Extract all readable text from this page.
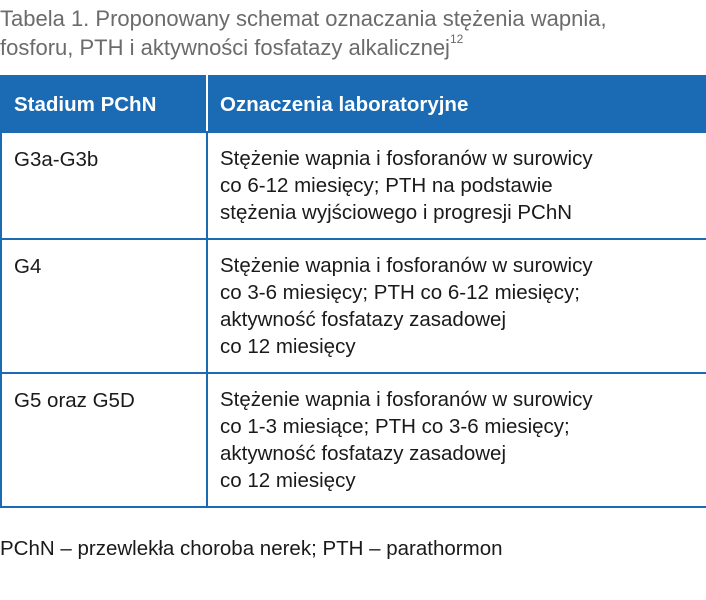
Tabela 1. Proponowany schemat oznaczania stężenia wapnia,
fosforu, PTH i aktywności fosfatazy alkalicznej$^{12}$
Stadium PChN	Oznaczenia laboratoryjne
G3a-G3b	Stężenie wapnia i fosforanów w surowicy
co 6-12 miesięcy; PTH na podstawie
stężenia wyjściowego i progresji PChN
G4	Stężenie wapnia i fosforanów w surowicy
co 3-6 miesięcy; PTH co 6-12 miesięcy;
aktywność fosfatazy zasadowej
co 12 miesięcy
G5 oraz G5D	Stężenie wapnia i fosforanów w surowicy
co 1-3 miesiące; PTH co 3-6 miesięcy;
aktywność fosfatazy zasadowej
co 12 miesięcy
PChN – przewlekła choroba nerek; PTH – parathormon
